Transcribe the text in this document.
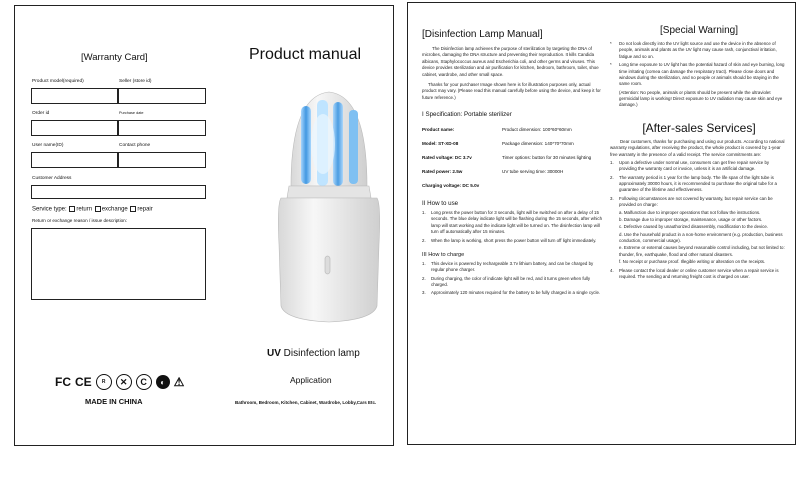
[Warranty Card]
Product model(required)	Seller (store id)
Order id	Purchase date
User name(ID)	Contact phone
Customer Address
Service type: return exchange repair
Return or exchange reason / issue description:
Product manual
UV Disinfection lamp
Application
Bathroom, Bedroom, Kitchen, Cabinet, Wardrobe, Lobby,Cars Etc.
FC CE	R	✕	C	◐ ⚠
MADE IN CHINA
[Disinfection Lamp Manual]
The Disinfection lamp achieves the purpose of sterilization by targeting the DNA of microbes, damaging the DNA structure and preventing their reproduction. It kills Candida albicans, Staphylococcus aureus and Escherichia coli, and other germs and viruses. This device provides sterilization and air purification for kitchen, bedroom, bathroom, toilet, shoe cabinet, wardrobe, and other small space.
Thanks for your purchase! Image shown here is for illustration purposes only, actual product may vary. (Please read this manual carefully before using the device, and keep it for future reference.)
I Specification: Portable sterilizer
Product name:	Product dimension: 100*60*60mm
Model: ST-XD-08	Package dimension: 140*70*70mm
Rated voltage: DC 3.7v	Timer options: button for 30 minutes lighting
Rated power: 2.5w	UV tube serving time: 30000H
Charging voltage: DC 5.0v
II How to use
1.	Long press the power button for 3 seconds, light will be switched on after a delay of 15 seconds. The blue delay indicate light will be flashing during the 15 seconds, after which lamp will start working and the indicate light will be turned on. The disinfection lamp will turn off automatically after 15 minutes.
2.	When the lamp is working, short press the power button will turn off light immediately.
III How to charge
1.	This device is powered by rechargeable 3.7v lithium battery, and can be charged by regular phone charger.
2.	During charging, the color of indicate light will be red, and it turns green when fully charged.
3.	Approximately 120 minutes required for the battery to be fully charged in a single cycle.
[Special Warning]
*	Do not look directly into the UV light source and use the device in the absence of people, animals and plants as the UV light may cause rash, conjunctival irritation, fatigue and so on.
*	Long time exposure to UV light has the potential hazard of skin and eye burning, long time irritating (cornea can damage the respiratory tract). Please close doors and windows during the sterilization, and no people or animals should be staying in the same room.
(Attention: No people, animals or plants should be present while the ultraviolet germicidal lamp is working! Direct exposure to UV radiation may cause skin and eye damage.)
[After-sales Services]
Dear customers, thanks for purchasing and using our products. According to national warranty regulations, after receiving the product, the whole product is covered by 1-year free warranty in the presence of a valid receipt. The service commitments are:
1.	Upon a defective under normal use, consumers can get free repair service by providing the warranty card or invoice, unless it is an artificial damage.
2.	The warranty period is 1 year for the lamp body. The life span of the light tube is approximately 30000 hours, it is recommended to purchase the original tube for a guarantee of the lifetime and effectiveness.
3.	Following circumstances are not covered by warranty, but repair service can be provided on charge:
a. Malfunction due to improper operations that not follow the instructions.
b. Damage due to improper storage, maintenance, usage or other factors.
c. Defective caused by unauthorized disassembly, modification to the device.
d. Use the household product in a non-home environment (e.g. production, business conduction, commercial usage).
e. Extreme or external causes beyond reasonable control including, but not limited to: thunder, fire, earthquake, flood and other natural disasters.
f. No receipt or purchase proof. Illegible writing or alteration on the receipts.
4.	Please contact the local dealer or online customer service when a repair service is required. The sending and returning freight cost is charged on user.
